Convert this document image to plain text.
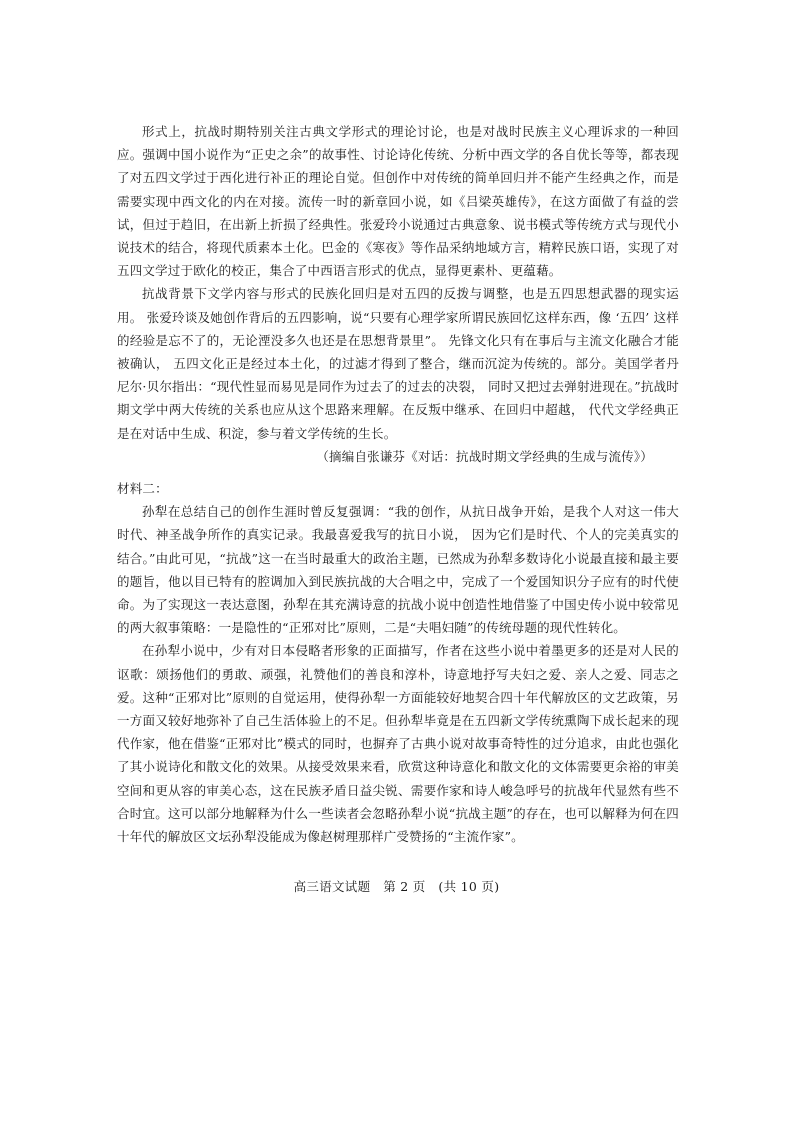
形式上，抗战时期特别关注古典文学形式的理论讨论，也是对战时民族主义心理诉求的一种回应。强调中国小说作为“正史之余”的故事性、讨论诗化传统、分析中西文学的各自优长等等，都表现了对五四文学过于西化进行补正的理论自觉。但创作中对传统的简单回归并不能产生经典之作，而是需要实现中西文化的内在对接。流传一时的新章回小说，如《吕梁英雄传》，在这方面做了有益的尝试，但过于趋旧，在出新上折损了经典性。张爱玲小说通过古典意象、说书模式等传统方式与现代小说技术的结合，将现代质素本土化。巴金的《寒夜》等作品采纳地域方言，精粹民族口语，实现了对五四文学过于欧化的校正，集合了中西语言形式的优点，显得更素朴、更蕴藉。

抗战背景下文学内容与形式的民族化回归是对五四的反拨与调整，也是五四思想武器的现实运用。 张爱玲谈及她创作背后的五四影响，说“只要有心理学家所谓民族回忆这样东西，像 ‘五四’ 这样的经验是忘不了的，无论湮没多久也还是在思想背景里”。 先锋文化只有在事后与主流文化融合才能被确认， 五四文化正是经过本土化，的过滤才得到了整合，继而沉淀为传统的。部分。美国学者丹尼尔·贝尔指出：“现代性显而易见是同作为过去了的过去的决裂， 同时又把过去弹射进现在。”抗战时期文学中两大传统的关系也应从这个思路来理解。在反叛中继承、在回归中超越， 代代文学经典正是在对话中生成、积淀，参与着文学传统的生长。

（摘编自张谦芬《对话：抗战时期文学经典的生成与流传》）

材料二：

孙犁在总结自己的创作生涯时曾反复强调：“我的创作，从抗日战争开始，是我个人对这一伟大时代、神圣战争所作的真实记录。我最喜爱我写的抗日小说， 因为它们是时代、个人的完美真实的结合。”由此可见，“抗战”这一在当时最重大的政治主题，已然成为孙犁多数诗化小说最直接和最主要的题旨，他以目已特有的腔调加入到民族抗战的大合唱之中，完成了一个爱国知识分子应有的时代使命。为了实现这一表达意图，孙犁在其充满诗意的抗战小说中创造性地借鉴了中国史传小说中较常见的两大叙事策略：一是隐性的“正邪对比”原则，二是“夫唱妇随”的传统母题的现代性转化。

在孙犁小说中，少有对日本侵略者形象的正面描写，作者在这些小说中着墨更多的还是对人民的讴歌：颂扬他们的勇敢、顽强，礼赞他们的善良和淳朴，诗意地抒写夫妇之爱、亲人之爱、同志之爱。这种“正邪对比”原则的自觉运用，使得孙犁一方面能较好地契合四十年代解放区的文艺政策，另一方面又较好地弥补了自己生活体验上的不足。但孙犁毕竟是在五四新文学传统熏陶下成长起来的现代作家，他在借鉴“正邪对比”模式的同时，也摒弃了古典小说对故事奇特性的过分追求，由此也强化了其小说诗化和散文化的效果。从接受效果来看，欣赏这种诗意化和散文化的文体需要更余裕的审美空间和更从容的审美心态，这在民族矛盾日益尖锐、需要作家和诗人峻急呼号的抗战年代显然有些不合时宜。这可以部分地解释为什么一些读者会忽略孙犁小说“抗战主题”的存在，也可以解释为何在四十年代的解放区文坛孙犁没能成为像赵树理那样广受赞扬的“主流作家”。

高三语文试题　第 2 页　(共 10 页)
